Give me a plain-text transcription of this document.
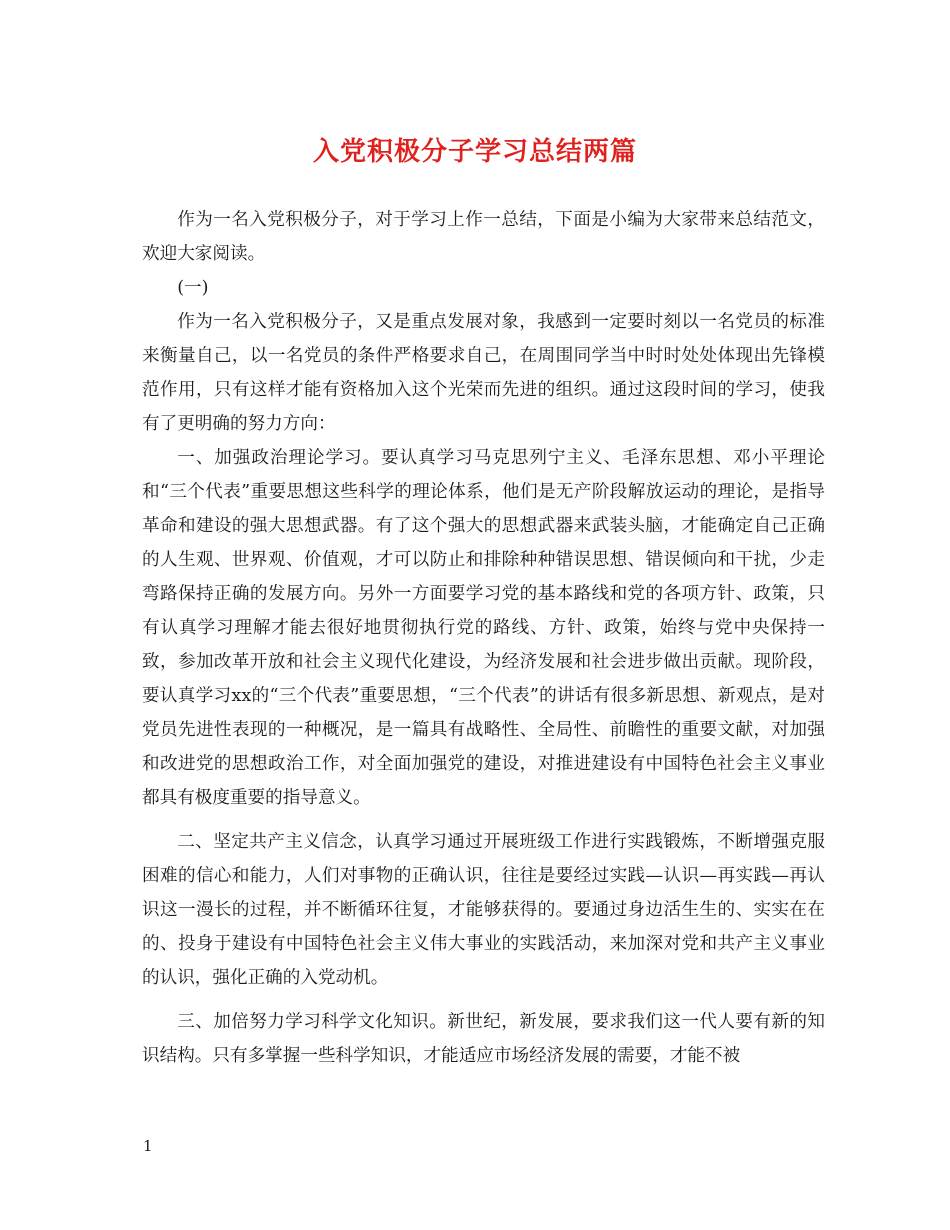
入党积极分子学习总结两篇

作为一名入党积极分子，对于学习上作一总结，下面是小编为大家带来总结范文，欢迎大家阅读。

(一)

作为一名入党积极分子，又是重点发展对象，我感到一定要时刻以一名党员的标准来衡量自己，以一名党员的条件严格要求自己，在周围同学当中时时处处体现出先锋模范作用，只有这样才能有资格加入这个光荣而先进的组织。通过这段时间的学习，使我有了更明确的努力方向：

一、加强政治理论学习。要认真学习马克思列宁主义、毛泽东思想、邓小平理论和“三个代表”重要思想这些科学的理论体系，他们是无产阶段解放运动的理论，是指导革命和建设的强大思想武器。有了这个强大的思想武器来武装头脑，才能确定自己正确的人生观、世界观、价值观，才可以防止和排除种种错误思想、错误倾向和干扰，少走弯路保持正确的发展方向。另外一方面要学习党的基本路线和党的各项方针、政策，只有认真学习理解才能去很好地贯彻执行党的路线、方针、政策，始终与党中央保持一致，参加改革开放和社会主义现代化建设，为经济发展和社会进步做出贡献。现阶段，要认真学习xx的“三个代表”重要思想，“三个代表”的讲话有很多新思想、新观点，是对党员先进性表现的一种概况，是一篇具有战略性、全局性、前瞻性的重要文献，对加强和改进党的思想政治工作，对全面加强党的建设，对推进建设有中国特色社会主义事业都具有极度重要的指导意义。

二、坚定共产主义信念，认真学习通过开展班级工作进行实践锻炼，不断增强克服困难的信心和能力，人们对事物的正确认识，往往是要经过实践—认识—再实践—再认识这一漫长的过程，并不断循环往复，才能够获得的。要通过身边活生生的、实实在在的、投身于建设有中国特色社会主义伟大事业的实践活动，来加深对党和共产主义事业的认识，强化正确的入党动机。

三、加倍努力学习科学文化知识。新世纪，新发展，要求我们这一代人要有新的知识结构。只有多掌握一些科学知识，才能适应市场经济发展的需要，才能不被

1
